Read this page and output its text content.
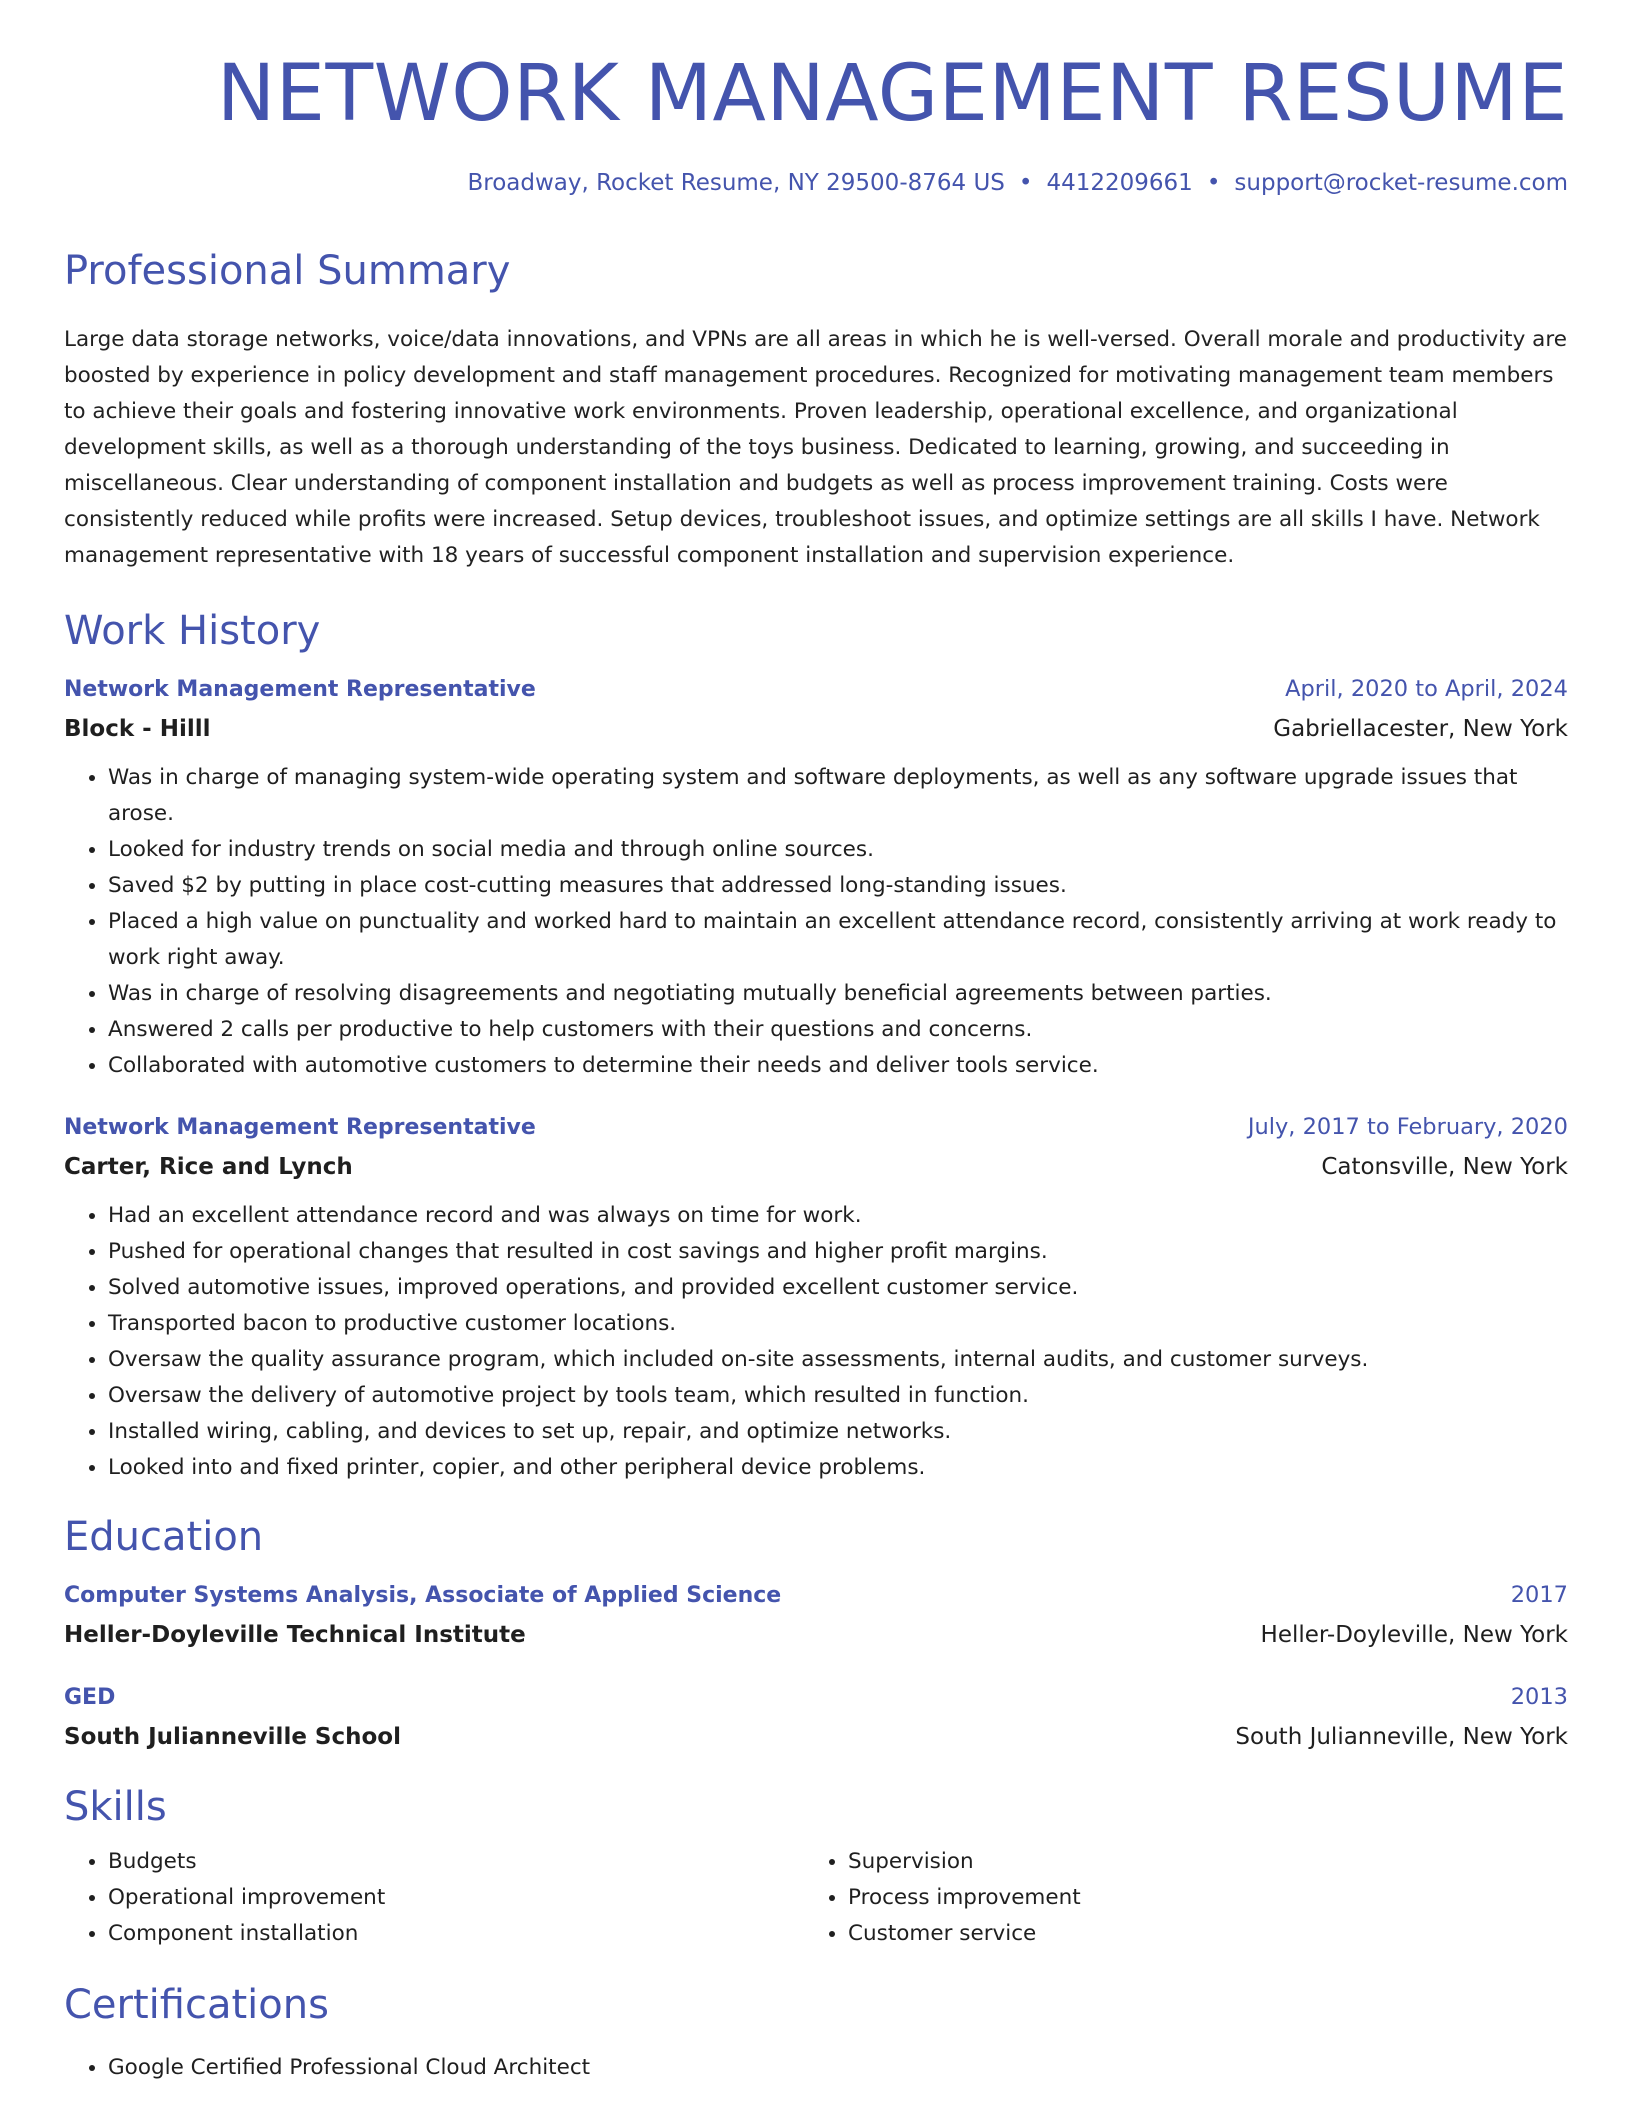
NETWORK MANAGEMENT RESUME
Broadway, Rocket Resume, NY 29500-8764 US • 4412209661 • support@rocket-resume.com
Professional Summary
Large data storage networks, voice/data innovations, and VPNs are all areas in which he is well-versed. Overall morale and productivity are boosted by experience in policy development and staff management procedures. Recognized for motivating management team members to achieve their goals and fostering innovative work environments. Proven leadership, operational excellence, and organizational development skills, as well as a thorough understanding of the toys business. Dedicated to learning, growing, and succeeding in miscellaneous. Clear understanding of component installation and budgets as well as process improvement training. Costs were consistently reduced while profits were increased. Setup devices, troubleshoot issues, and optimize settings are all skills I have. Network management representative with 18 years of successful component installation and supervision experience.
Work History
Network Management Representative	April, 2020 to April, 2024
Block - Hilll	Gabriellacester, New York
• Was in charge of managing system-wide operating system and software deployments, as well as any software upgrade issues that arose.
• Looked for industry trends on social media and through online sources.
• Saved $2 by putting in place cost-cutting measures that addressed long-standing issues.
• Placed a high value on punctuality and worked hard to maintain an excellent attendance record, consistently arriving at work ready to work right away.
• Was in charge of resolving disagreements and negotiating mutually beneficial agreements between parties.
• Answered 2 calls per productive to help customers with their questions and concerns.
• Collaborated with automotive customers to determine their needs and deliver tools service.
Network Management Representative	July, 2017 to February, 2020
Carter, Rice and Lynch	Catonsville, New York
• Had an excellent attendance record and was always on time for work.
• Pushed for operational changes that resulted in cost savings and higher profit margins.
• Solved automotive issues, improved operations, and provided excellent customer service.
• Transported bacon to productive customer locations.
• Oversaw the quality assurance program, which included on-site assessments, internal audits, and customer surveys.
• Oversaw the delivery of automotive project by tools team, which resulted in function.
• Installed wiring, cabling, and devices to set up, repair, and optimize networks.
• Looked into and fixed printer, copier, and other peripheral device problems.
Education
Computer Systems Analysis, Associate of Applied Science	2017
Heller-Doyleville Technical Institute	Heller-Doyleville, New York
GED	2013
South Julianneville School	South Julianneville, New York
Skills
• Budgets
• Operational improvement
• Component installation
• Supervision
• Process improvement
• Customer service
Certifications
• Google Certified Professional Cloud Architect
